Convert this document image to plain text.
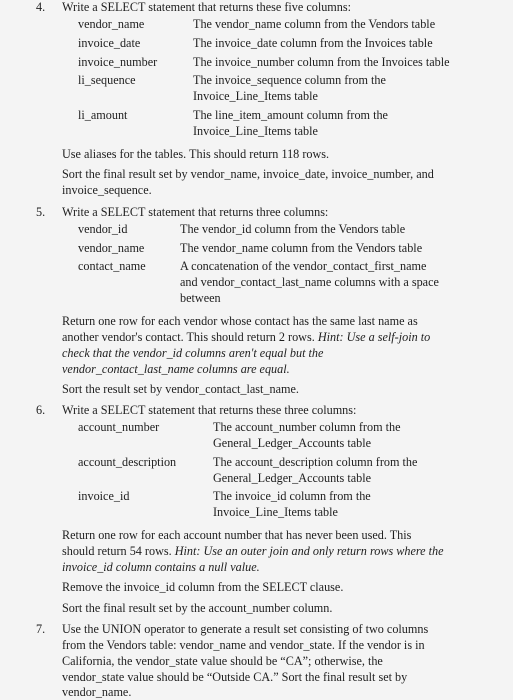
4.	Write a SELECT statement that returns these five columns:
vendor_name	The vendor_name column from the Vendors table
invoice_date	The invoice_date column from the Invoices table
invoice_number	The invoice_number column from the Invoices table
li_sequence	The invoice_sequence column from the
Invoice_Line_Items table
li_amount	The line_item_amount column from the
Invoice_Line_Items table
Use aliases for the tables. This should return 118 rows.
Sort the final result set by vendor_name, invoice_date, invoice_number, and
invoice_sequence.
5. Write a SELECT statement that returns three columns:
vendor_id	The vendor_id column from the Vendors table
vendor_name	The vendor_name column from the Vendors table
contact_name	A concatenation of the vendor_contact_first_name
and vendor_contact_last_name columns with a space
between
Return one row for each vendor whose contact has the same last name as
another vendor's contact. This should return 2 rows. Hint: Use a self-join to
check that the vendor_id columns aren't equal but the
vendor_contact_last_name columns are equal.
Sort the result set by vendor_contact_last_name.
6. Write a SELECT statement that returns these three columns:
account_number	The account_number column from the
General_Ledger_Accounts table
account_description	The account_description column from the
General_Ledger_Accounts table
invoice_id	The invoice_id column from the
Invoice_Line_Items table
Return one row for each account number that has never been used. This
should return 54 rows. Hint: Use an outer join and only return rows where the
invoice_id column contains a null value.
Remove the invoice_id column from the SELECT clause.
Sort the final result set by the account_number column.
7. Use the UNION operator to generate a result set consisting of two columns
from the Vendors table: vendor_name and vendor_state. If the vendor is in
California, the vendor_state value should be “CA”; otherwise, the
vendor_state value should be “Outside CA.” Sort the final result set by
vendor_name.
